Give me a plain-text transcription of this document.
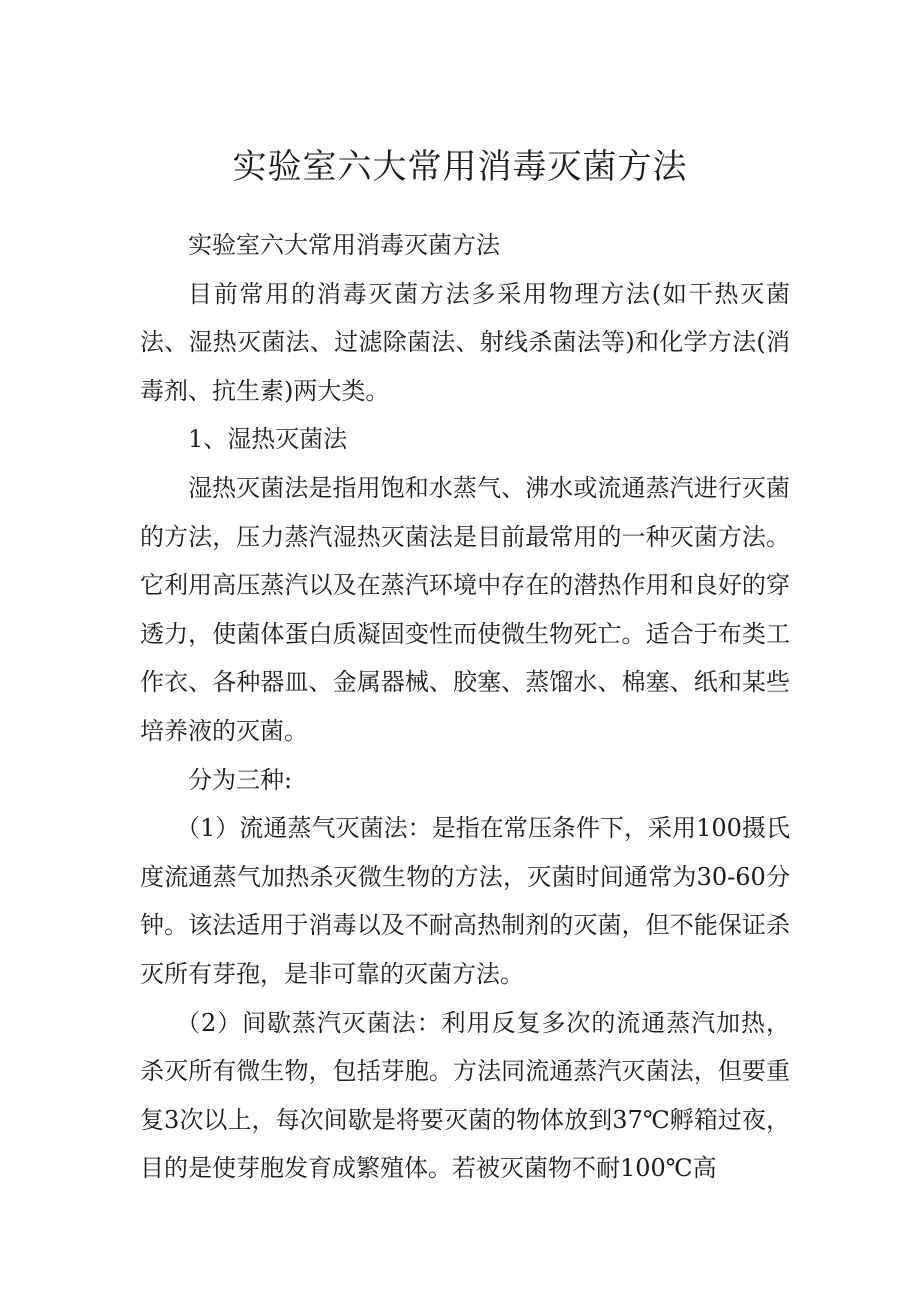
实验室六大常用消毒灭菌方法

实验室六大常用消毒灭菌方法

目前常用的消毒灭菌方法多采用物理方法(如干热灭菌法、湿热灭菌法、过滤除菌法、射线杀菌法等)和化学方法(消毒剂、抗生素)两大类。

1、湿热灭菌法

湿热灭菌法是指用饱和水蒸气、沸水或流通蒸汽进行灭菌的方法，压力蒸汽湿热灭菌法是目前最常用的一种灭菌方法。它利用高压蒸汽以及在蒸汽环境中存在的潜热作用和良好的穿透力，使菌体蛋白质凝固变性而使微生物死亡。适合于布类工作衣、各种器皿、金属器械、胶塞、蒸馏水、棉塞、纸和某些培养液的灭菌。

分为三种:

（1）流通蒸气灭菌法：是指在常压条件下，采用100摄氏度流通蒸气加热杀灭微生物的方法，灭菌时间通常为30-60分钟。该法适用于消毒以及不耐高热制剂的灭菌，但不能保证杀灭所有芽孢，是非可靠的灭菌方法。

（2）间歇蒸汽灭菌法：利用反复多次的流通蒸汽加热，杀灭所有微生物，包括芽胞。方法同流通蒸汽灭菌法，但要重复3次以上，每次间歇是将要灭菌的物体放到37℃孵箱过夜，目的是使芽胞发育成繁殖体。若被灭菌物不耐100℃高
